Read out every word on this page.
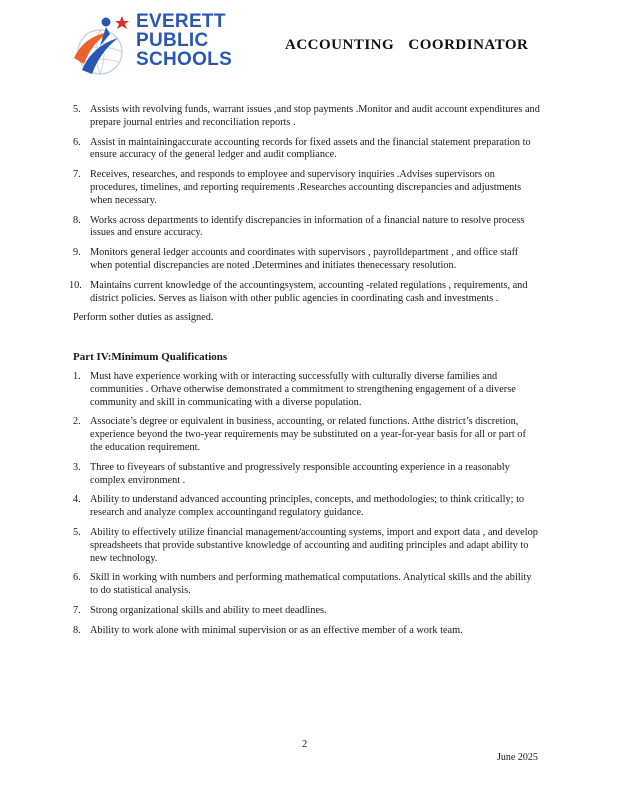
EVERETT
PUBLIC
SCHOOLS
ACCOUNTING COORDINATOR
5. Assists with revolving funds, warrant issues ,and stop payments .Monitor and audit account expenditures and prepare journal entries and reconciliation reports .
6. Assist in maintainingaccurate accounting records for fixed assets and the financial statement preparation to ensure accuracy of the general ledger and audit compliance.
7. Receives, researches, and responds to employee and supervisory inquiries .Advises supervisors on procedures, timelines, and reporting requirements .Researches accounting discrepancies and adjustments when necessary.
8. Works across departments to identify discrepancies in information of a financial nature to resolve process issues and ensure accuracy.
9. Monitors general ledger accounts and coordinates with supervisors , payrolldepartment , and office staff when potential discrepancies are noted .Determines and initiates thenecessary resolution.
10. Maintains current knowledge of the accountingsystem, accounting -related regulations , requirements, and district policies. Serves as liaison with other public agencies in coordinating cash and investments .

Perform sother duties as assigned.

Part IV:Minimum Qualifications
1. Must have experience working with or interacting successfully with culturally diverse families and communities . Orhave otherwise demonstrated a commitment to strengthening engagement of a diverse community and skill in communicating with a diverse population.
2. Associate’s degree or equivalent in business, accounting, or related functions. Atthe district’s discretion, experience beyond the two-year requirements may be substituted on a year-for-year basis for all or part of the education requirement.
3. Three to fiveyears of substantive and progressively responsible accounting experience in a reasonably complex environment .
4. Ability to understand advanced accounting principles, concepts, and methodologies; to think critically; to research and analyze complex accountingand regulatory guidance.
5. Ability to effectively utilize financial management/accounting systems, import and export data , and develop spreadsheets that provide substantive knowledge of accounting and auditing principles and adapt ability to new technology.
6. Skill in working with numbers and performing mathematical computations. Analytical skills and the ability to do statistical analysis.
7. Strong organizational skills and ability to meet deadlines.
8. Ability to work alone with minimal supervision or as an effective member of a work team.
2
June 2025
